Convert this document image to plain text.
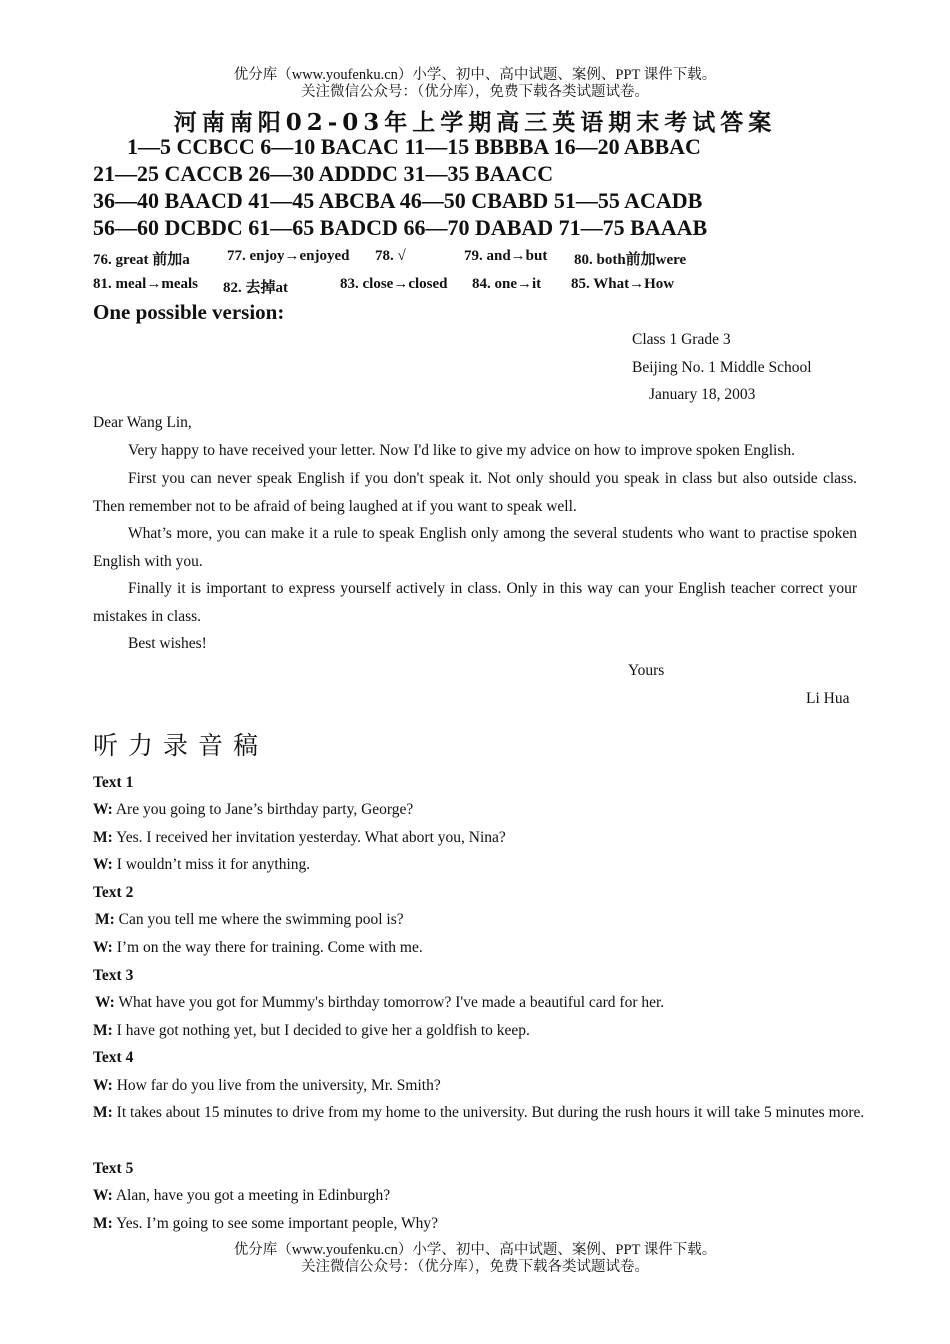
优分库（www.youfenku.cn）小学、初中、高中试题、案例、PPT 课件下载。
关注微信公众号：（优分库），免费下载各类试题试卷。
河南南阳02-03年上学期高三英语期末考试答案
1—5 CCBCC 6—10 BACAC 11—15 BBBBA 16—20 ABBAC
21—25 CACCB 26—30 ADDDC 31—35 BAACC
36—40 BAACD 41—45 ABCBA 46—50 CBABD 51—55 ACADB
56—60 DCBDC 61—65 BADCD 66—70 DABAD 71—75 BAAAB
76. great 前加a 77. enjoy→enjoyed 78. √	79. and→but 80. both前加were
81. meal→meals 82. 去掉at	83. close→closed 84. one→it 85. What→How
One possible version:
Class 1 Grade 3
Beijing No. 1 Middle School
January 18, 2003
Dear Wang Lin,
Very happy to have received your letter. Now I'd like to give my advice on how to improve spoken English.
First you can never speak English if you don't speak it. Not only should you speak in class but also outside class. Then remember not to be afraid of being laughed at if you want to speak well.
What’s more, you can make it a rule to speak English only among the several students who want to practise spoken English with you.
Finally it is important to express yourself actively in class. Only in this way can your English teacher correct your mistakes in class.
Best wishes!
Yours
Li Hua
听力录音稿
Text 1
W: Are you going to Jane’s birthday party, George?
M: Yes. I received her invitation yesterday. What abort you, Nina?
W: I wouldn’t miss it for anything.
Text 2
M: Can you tell me where the swimming pool is?
W: I’m on the way there for training. Come with me.
Text 3
W: What have you got for Mummy's birthday tomorrow? I've made a beautiful card for her.
M: I have got nothing yet, but I decided to give her a goldfish to keep.
Text 4
W: How far do you live from the university, Mr. Smith?
M: It takes about 15 minutes to drive from my home to the university. But during the rush hours it will take 5 minutes more.
Text 5
W: Alan, have you got a meeting in Edinburgh?
M: Yes. I’m going to see some important people, Why?
优分库（www.youfenku.cn）小学、初中、高中试题、案例、PPT 课件下载。
关注微信公众号：（优分库），免费下载各类试题试卷。
